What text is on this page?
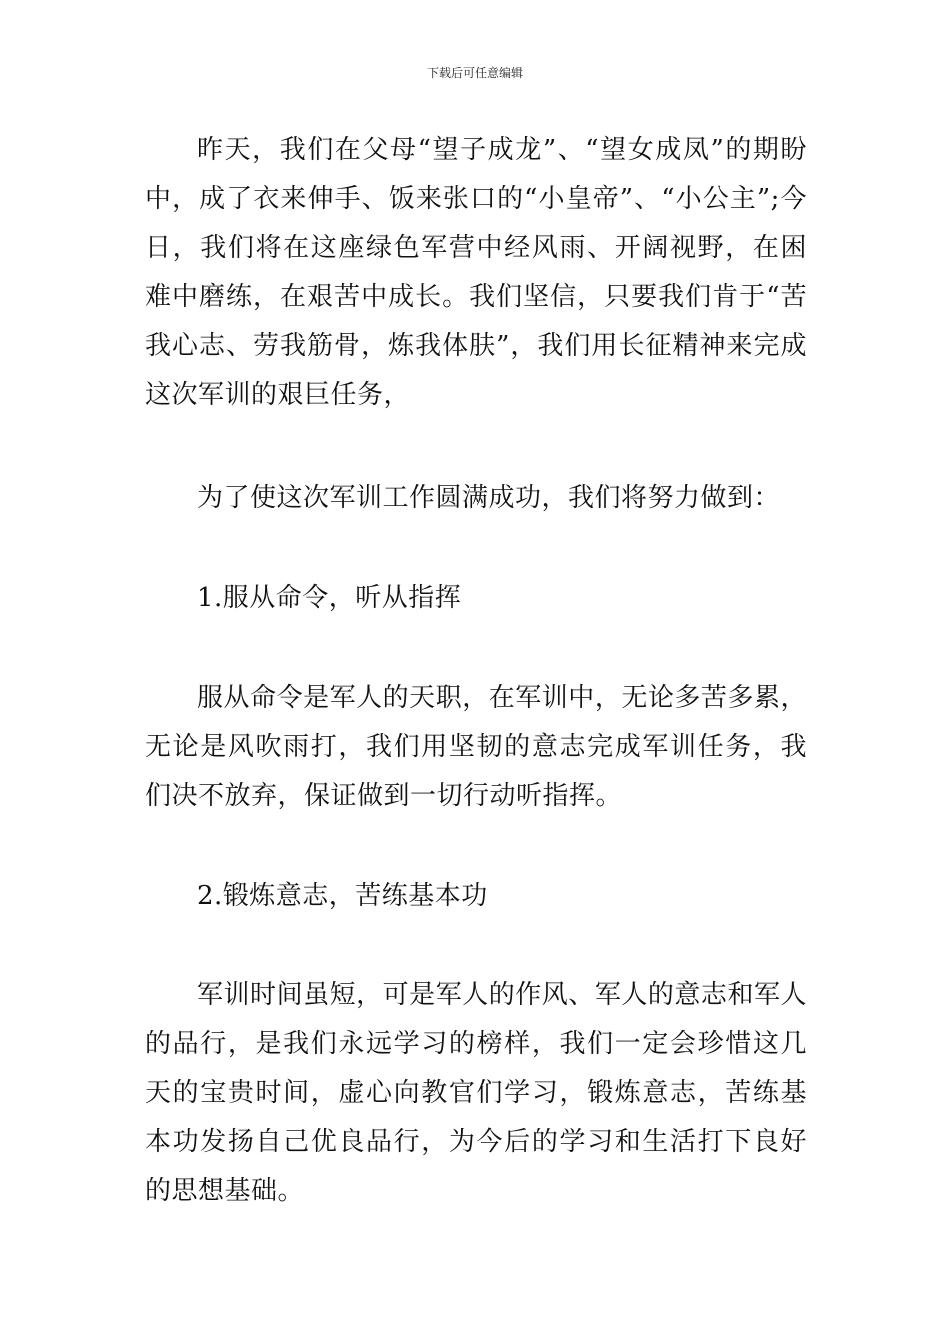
下载后可任意编辑

昨天，我们在父母“望子成龙”、“望女成凤”的期盼中，成了衣来伸手、饭来张口的“小皇帝”、“小公主”;今日，我们将在这座绿色军营中经风雨、开阔视野，在困难中磨练，在艰苦中成长。我们坚信，只要我们肯于“苦我心志、劳我筋骨，炼我体肤”，我们用长征精神来完成这次军训的艰巨任务，

为了使这次军训工作圆满成功，我们将努力做到：

1.服从命令，听从指挥

服从命令是军人的天职，在军训中，无论多苦多累，无论是风吹雨打，我们用坚韧的意志完成军训任务，我们决不放弃，保证做到一切行动听指挥。

2.锻炼意志，苦练基本功

军训时间虽短，可是军人的作风、军人的意志和军人的品行，是我们永远学习的榜样，我们一定会珍惜这几天的宝贵时间，虚心向教官们学习，锻炼意志，苦练基本功发扬自己优良品行，为今后的学习和生活打下良好的思想基础。
